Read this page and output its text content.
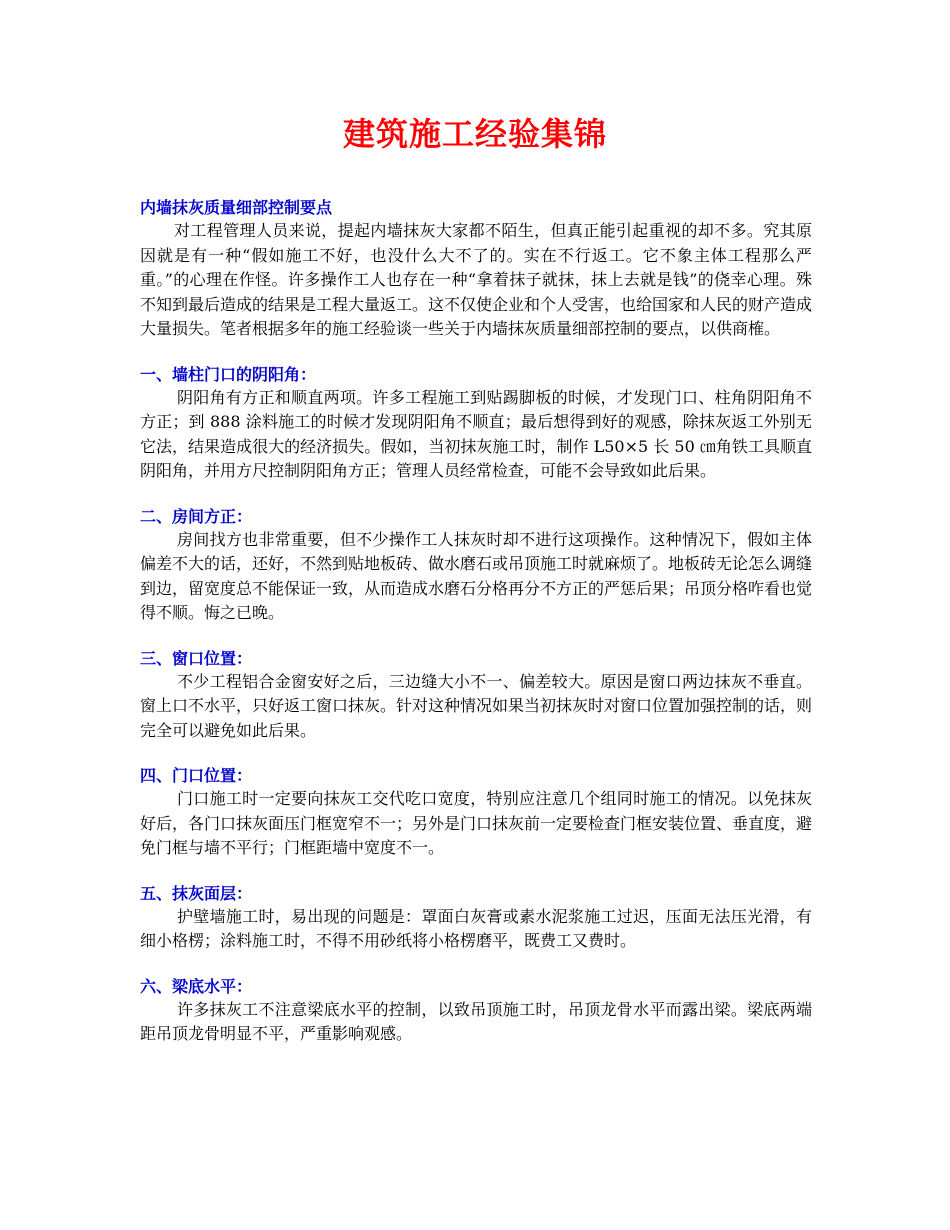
建筑施工经验集锦

内墙抹灰质量细部控制要点

对工程管理人员来说，提起内墙抹灰大家都不陌生，但真正能引起重视的却不多。究其原因就是有一种“假如施工不好，也没什么大不了的。实在不行返工。它不象主体工程那么严重。”的心理在作怪。许多操作工人也存在一种“拿着抹子就抹，抹上去就是钱”的侥幸心理。殊不知到最后造成的结果是工程大量返工。这不仅使企业和个人受害，也给国家和人民的财产造成大量损失。笔者根据多年的施工经验谈一些关于内墙抹灰质量细部控制的要点，以供商榷。

一、墙柱门口的阴阳角：

阴阳角有方正和顺直两项。许多工程施工到贴踢脚板的时候，才发现门口、柱角阴阳角不方正；到 888 涂料施工的时候才发现阴阳角不顺直；最后想得到好的观感，除抹灰返工外别无它法，结果造成很大的经济损失。假如，当初抹灰施工时，制作 L50×5 长 50 ㎝角铁工具顺直阴阳角，并用方尺控制阴阳角方正；管理人员经常检查，可能不会导致如此后果。

二、房间方正：

房间找方也非常重要，但不少操作工人抹灰时却不进行这项操作。这种情况下，假如主体偏差不大的话，还好，不然到贴地板砖、做水磨石或吊顶施工时就麻烦了。地板砖无论怎么调缝到边，留宽度总不能保证一致，从而造成水磨石分格再分不方正的严惩后果；吊顶分格咋看也觉得不顺。悔之已晚。

三、窗口位置：

不少工程铝合金窗安好之后，三边缝大小不一、偏差较大。原因是窗口两边抹灰不垂直。窗上口不水平，只好返工窗口抹灰。针对这种情况如果当初抹灰时对窗口位置加强控制的话，则完全可以避免如此后果。

四、门口位置：

门口施工时一定要向抹灰工交代吃口宽度，特别应注意几个组同时施工的情况。以免抹灰好后，各门口抹灰面压门框宽窄不一；另外是门口抹灰前一定要检查门框安装位置、垂直度，避免门框与墙不平行；门框距墙中宽度不一。

五、抹灰面层：

护壁墙施工时，易出现的问题是：罩面白灰膏或素水泥浆施工过迟，压面无法压光滑，有细小格楞；涂料施工时，不得不用砂纸将小格楞磨平，既费工又费时。

六、梁底水平：

许多抹灰工不注意梁底水平的控制，以致吊顶施工时，吊顶龙骨水平而露出梁。梁底两端距吊顶龙骨明显不平，严重影响观感。
